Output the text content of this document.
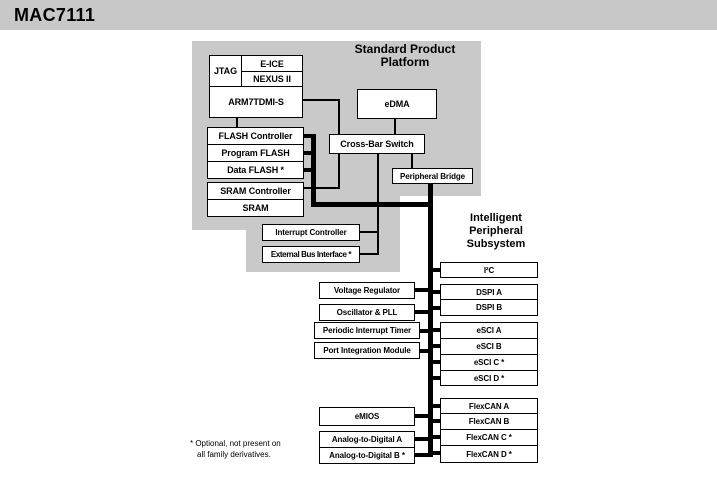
MAC7111
Standard Product Platform
Intelligent Peripheral Subsystem
JTAG
E-ICE
NEXUS II
ARM7TDMI-S
FLASH Controller
Program FLASH
Data FLASH *
SRAM Controller
SRAM
eDMA
Cross-Bar Switch
Peripheral Bridge
Interrupt Controller
External Bus Interface *
Voltage Regulator
Oscillator & PLL
Periodic Interrupt Timer
Port Integration Module
eMIOS
Analog-to-Digital A
Analog-to-Digital B *
I²C
DSPI A
DSPI B
eSCI A
eSCI B
eSCI C *
eSCI D *
FlexCAN A
FlexCAN B
FlexCAN C *
FlexCAN D *
* Optional, not present on
all family derivatives.
